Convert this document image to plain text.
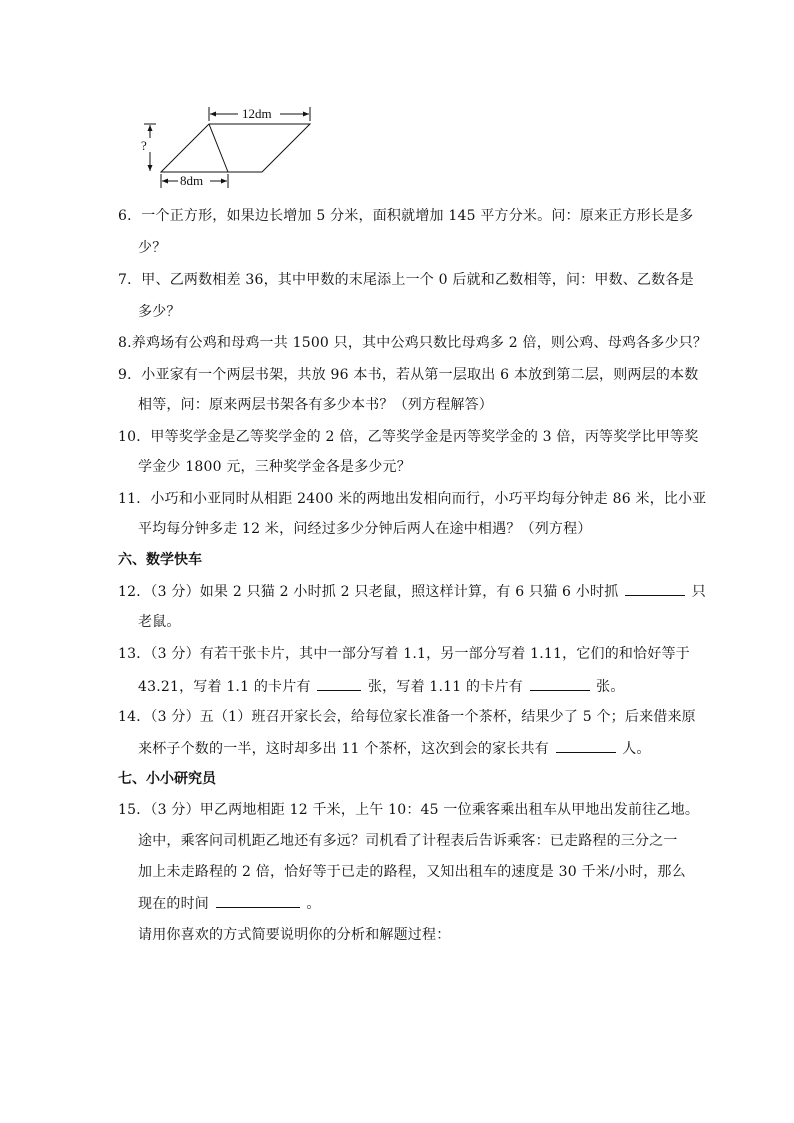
12dm
8dm
?
6．一个正方形，如果边长增加 5 分米，面积就增加 145 平方分米。问：原来正方形长是多
少？
7．甲、乙两数相差 36，其中甲数的末尾添上一个 0 后就和乙数相等，问：甲数、乙数各是
多少？
8.养鸡场有公鸡和母鸡一共 1500 只，其中公鸡只数比母鸡多 2 倍，则公鸡、母鸡各多少只？
9．小亚家有一个两层书架，共放 96 本书，若从第一层取出 6 本放到第二层，则两层的本数
相等，问：原来两层书架各有多少本书？（列方程解答）
10．甲等奖学金是乙等奖学金的 2 倍，乙等奖学金是丙等奖学金的 3 倍，丙等奖学比甲等奖
学金少 1800 元，三种奖学金各是多少元？
11．小巧和小亚同时从相距 2400 米的两地出发相向而行，小巧平均每分钟走 86 米，比小亚
平均每分钟多走 12 米，问经过多少分钟后两人在途中相遇？（列方程）
六、数学快车
12．（3 分）如果 2 只猫 2 小时抓 2 只老鼠，照这样计算，有 6 只猫 6 小时抓	只
老鼠。
13．（3 分）有若干张卡片，其中一部分写着 1.1，另一部分写着 1.11，它们的和恰好等于
43.21，写着 1.1 的卡片有	张，写着 1.11 的卡片有	张。
14．（3 分）五（1）班召开家长会，给每位家长准备一个茶杯，结果少了 5 个；后来借来原
来杯子个数的一半，这时却多出 11 个茶杯，这次到会的家长共有	人。
七、小小研究员
15．（3 分）甲乙两地相距 12 千米，上午 10：45 一位乘客乘出租车从甲地出发前往乙地。
途中，乘客问司机距乙地还有多远？司机看了计程表后告诉乘客：已走路程的三分之一
加上未走路程的 2 倍，恰好等于已走的路程，又知出租车的速度是 30 千米/小时，那么
现在的时间	。
请用你喜欢的方式简要说明你的分析和解题过程：
